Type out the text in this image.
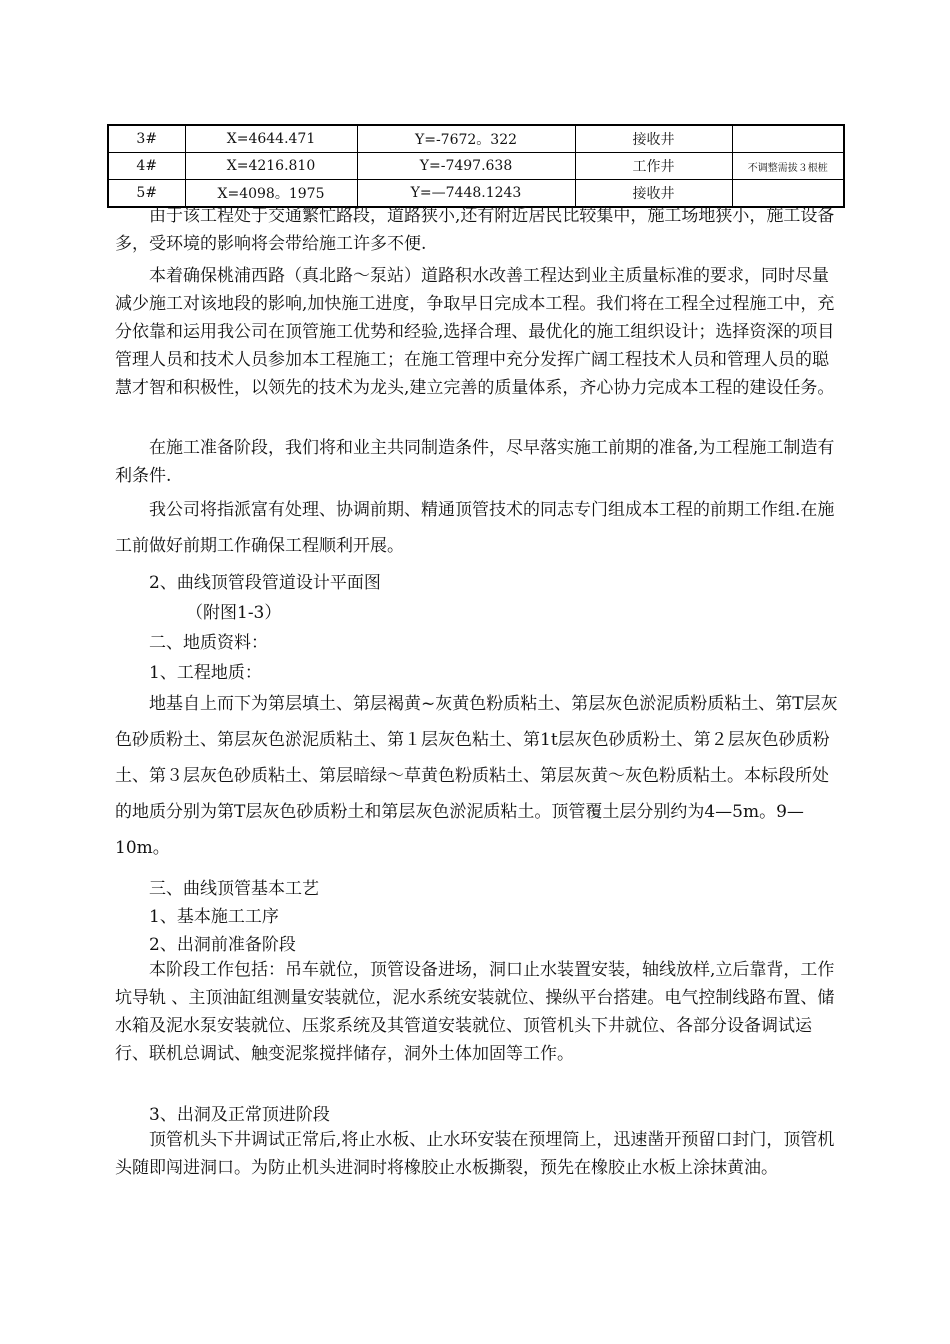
3#	X=4644.471	Y=-7672。322	接收井	
4#	X=4216.810	Y=-7497.638	工作井	不调整需拔３根桩
5#	X=4098。1975	Y=—7448.1243	接收井	

由于该工程处于交通繁忙路段，道路狭小,还有附近居民比较集中，施工场地狭小，施工设备多，受环境的影响将会带给施工许多不便.

本着确保桃浦西路（真北路～泵站）道路积水改善工程达到业主质量标准的要求，同时尽量减少施工对该地段的影响,加快施工进度，争取早日完成本工程。我们将在工程全过程施工中，充分依靠和运用我公司在顶管施工优势和经验,选择合理、最优化的施工组织设计；选择资深的项目管理人员和技术人员参加本工程施工；在施工管理中充分发挥广阔工程技术人员和管理人员的聪慧才智和积极性，以领先的技术为龙头,建立完善的质量体系，齐心协力完成本工程的建设任务。

在施工准备阶段，我们将和业主共同制造条件，尽早落实施工前期的准备,为工程施工制造有利条件.

我公司将指派富有处理、协调前期、精通顶管技术的同志专门组成本工程的前期工作组.在施工前做好前期工作确保工程顺利开展。

2、曲线顶管段管道设计平面图
（附图1-3）
二、地质资料：
1、工程地质：

地基自上而下为第层填土、第层褐黄~灰黄色粉质粘土、第层灰色淤泥质粉质粘土、第T层灰色砂质粉土、第层灰色淤泥质粘土、第１层灰色粘土、第1t层灰色砂质粉土、第２层灰色砂质粉土、第３层灰色砂质粘土、第层暗绿～草黄色粉质粘土、第层灰黄～灰色粉质粘土。本标段所处的地质分别为第T层灰色砂质粉土和第层灰色淤泥质粘土。顶管覆土层分别约为4—5m。9—10m。

三、曲线顶管基本工艺
1、基本施工工序
2、出洞前准备阶段

本阶段工作包括：吊车就位，顶管设备进场，洞口止水装置安装，轴线放样,立后靠背，工作坑导轨 、主顶油缸组测量安装就位，泥水系统安装就位、操纵平台搭建。电气控制线路布置、储水箱及泥水泵安装就位、压浆系统及其管道安装就位、顶管机头下井就位、各部分设备调试运行、联机总调试、触变泥浆搅拌储存，洞外土体加固等工作。

3、出洞及正常顶进阶段

顶管机头下井调试正常后,将止水板、止水环安装在预埋筒上，迅速凿开预留口封门，顶管机头随即闯进洞口。为防止机头进洞时将橡胶止水板撕裂，预先在橡胶止水板上涂抹黄油。
